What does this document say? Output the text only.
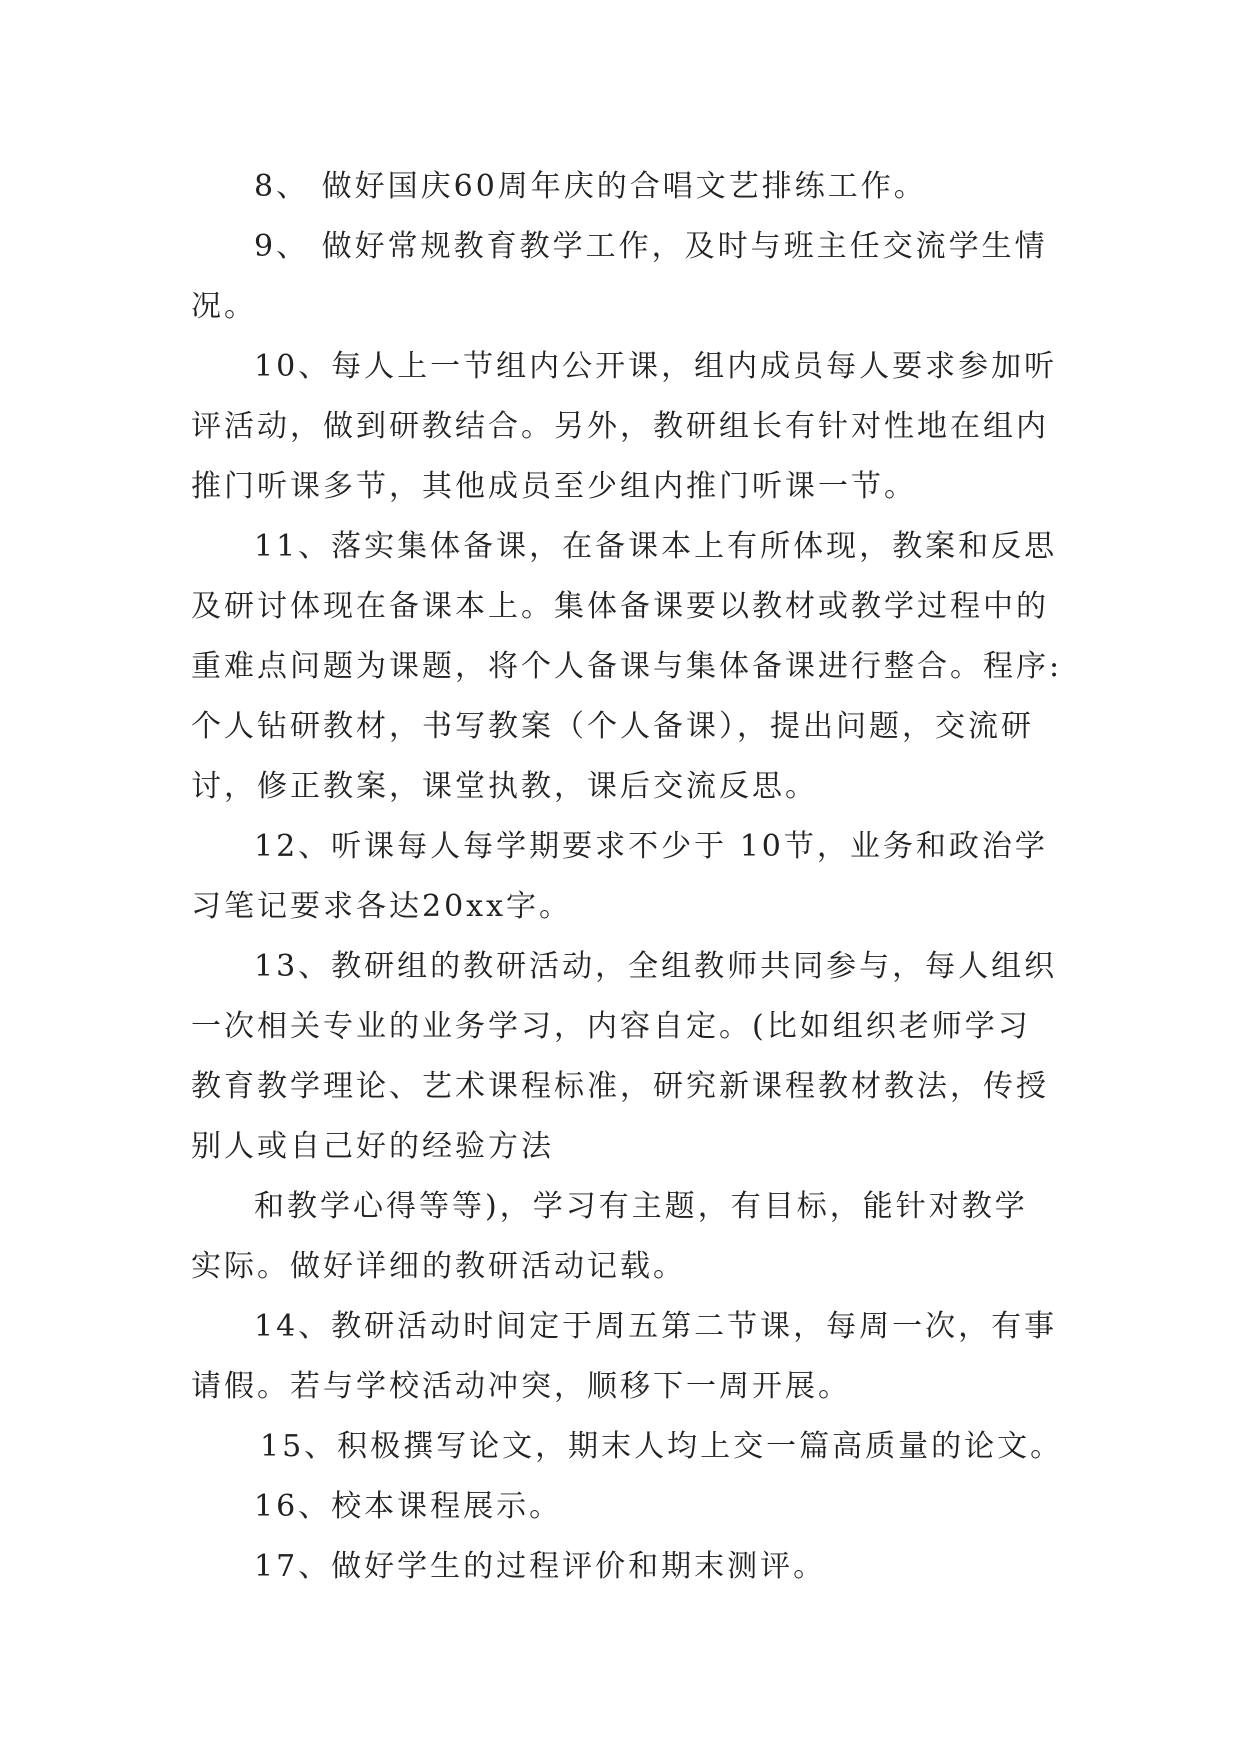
8、 做好国庆60周年庆的合唱文艺排练工作。
9、 做好常规教育教学工作，及时与班主任交流学生情
况。
10、每人上一节组内公开课，组内成员每人要求参加听
评活动，做到研教结合。另外，教研组长有针对性地在组内
推门听课多节，其他成员至少组内推门听课一节。
11、落实集体备课，在备课本上有所体现，教案和反思
及研讨体现在备课本上。集体备课要以教材或教学过程中的
重难点问题为课题，将个人备课与集体备课进行整合。程序:
个人钻研教材，书写教案（个人备课），提出问题，交流研
讨，修正教案，课堂执教，课后交流反思。
12、听课每人每学期要求不少于 10节，业务和政治学
习笔记要求各达20xx字。
13、教研组的教研活动，全组教师共同参与，每人组织
一次相关专业的业务学习，内容自定。(比如组织老师学习
教育教学理论、艺术课程标准，研究新课程教材教法，传授
别人或自己好的经验方法
和教学心得等等)，学习有主题，有目标，能针对教学
实际。做好详细的教研活动记载。
14、教研活动时间定于周五第二节课，每周一次，有事
请假。若与学校活动冲突，顺移下一周开展。
15、积极撰写论文，期末人均上交一篇高质量的论文。
16、校本课程展示。
17、做好学生的过程评价和期末测评。
